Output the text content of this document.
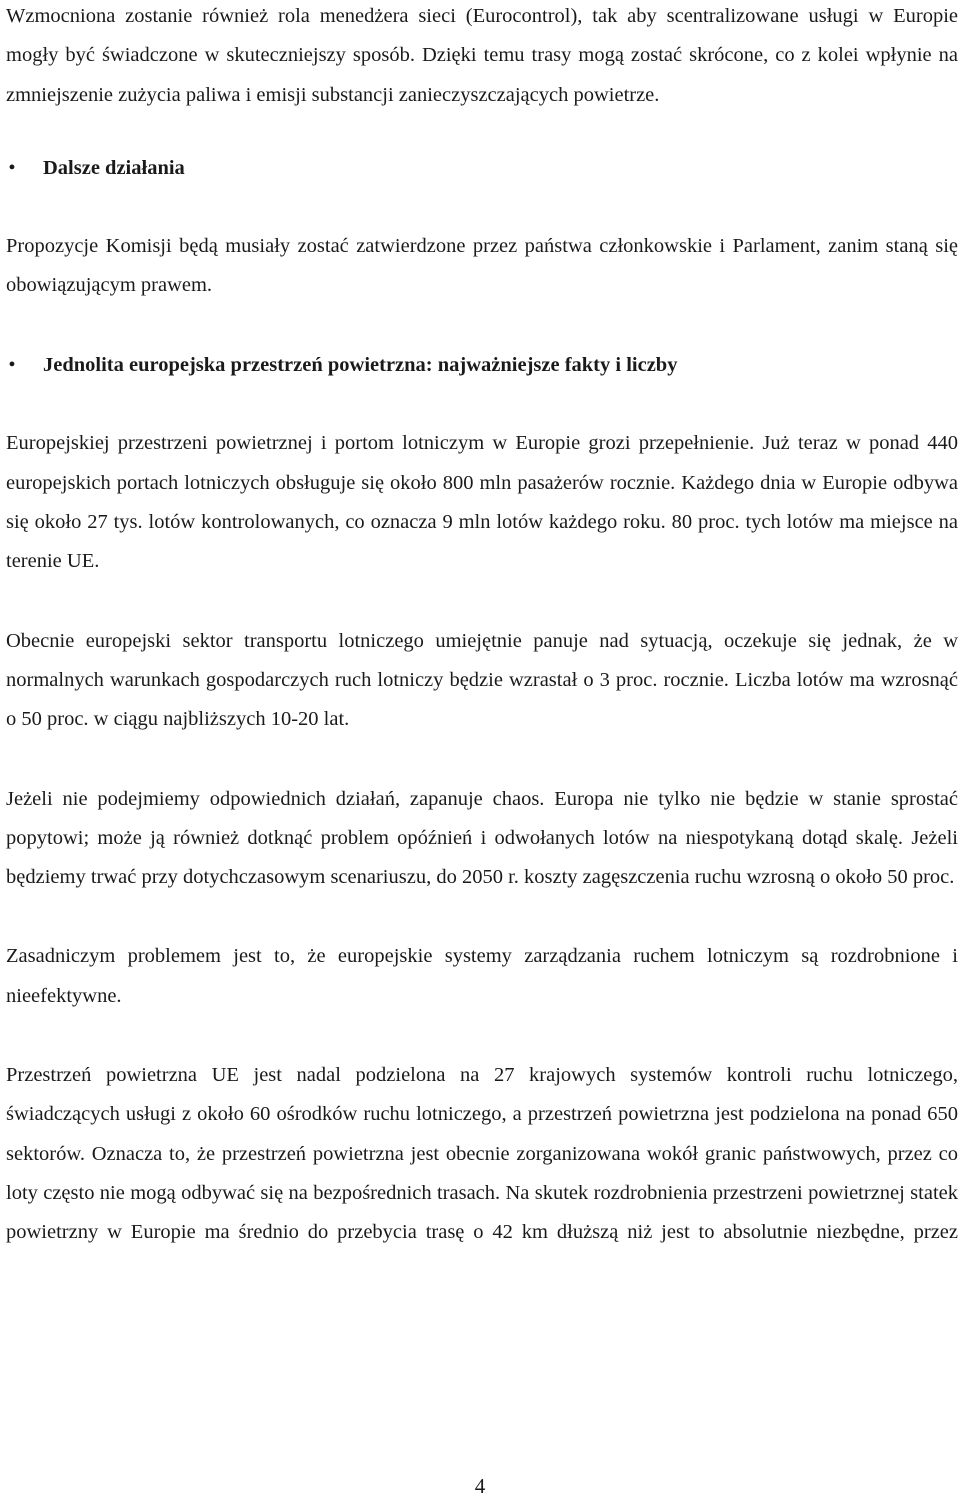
Wzmocniona zostanie również rola menedżera sieci (Eurocontrol), tak aby scentralizowane usługi w Europie mogły być świadczone w skuteczniejszy sposób. Dzięki temu trasy mogą zostać skrócone, co z kolei wpłynie na zmniejszenie zużycia paliwa i emisji substancji zanieczyszczających powietrze.

• Dalsze działania

Propozycje Komisji będą musiały zostać zatwierdzone przez państwa członkowskie i Parlament, zanim staną się obowiązującym prawem.

• Jednolita europejska przestrzeń powietrzna: najważniejsze fakty i liczby

Europejskiej przestrzeni powietrznej i portom lotniczym w Europie grozi przepełnienie. Już teraz w ponad 440 europejskich portach lotniczych obsługuje się około 800 mln pasażerów rocznie. Każdego dnia w Europie odbywa się około 27 tys. lotów kontrolowanych, co oznacza 9 mln lotów każdego roku. 80 proc. tych lotów ma miejsce na terenie UE.

Obecnie europejski sektor transportu lotniczego umiejętnie panuje nad sytuacją, oczekuje się jednak, że w normalnych warunkach gospodarczych ruch lotniczy będzie wzrastał o 3 proc. rocznie. Liczba lotów ma wzrosnąć o 50 proc. w ciągu najbliższych 10-20 lat.

Jeżeli nie podejmiemy odpowiednich działań, zapanuje chaos. Europa nie tylko nie będzie w stanie sprostać popytowi; może ją również dotknąć problem opóźnień i odwołanych lotów na niespotykaną dotąd skalę. Jeżeli będziemy trwać przy dotychczasowym scenariuszu, do 2050 r. koszty zagęszczenia ruchu wzrosną o około 50 proc.

Zasadniczym problemem jest to, że europejskie systemy zarządzania ruchem lotniczym są rozdrobnione i nieefektywne.

Przestrzeń powietrzna UE jest nadal podzielona na 27 krajowych systemów kontroli ruchu lotniczego, świadczących usługi z około 60 ośrodków ruchu lotniczego, a przestrzeń powietrzna jest podzielona na ponad 650 sektorów. Oznacza to, że przestrzeń powietrzna jest obecnie zorganizowana wokół granic państwowych, przez co loty często nie mogą odbywać się na bezpośrednich trasach. Na skutek rozdrobnienia przestrzeni powietrznej statek powietrzny w Europie ma średnio do przebycia trasę o 42 km dłuższą niż jest to absolutnie niezbędne, przez

4
